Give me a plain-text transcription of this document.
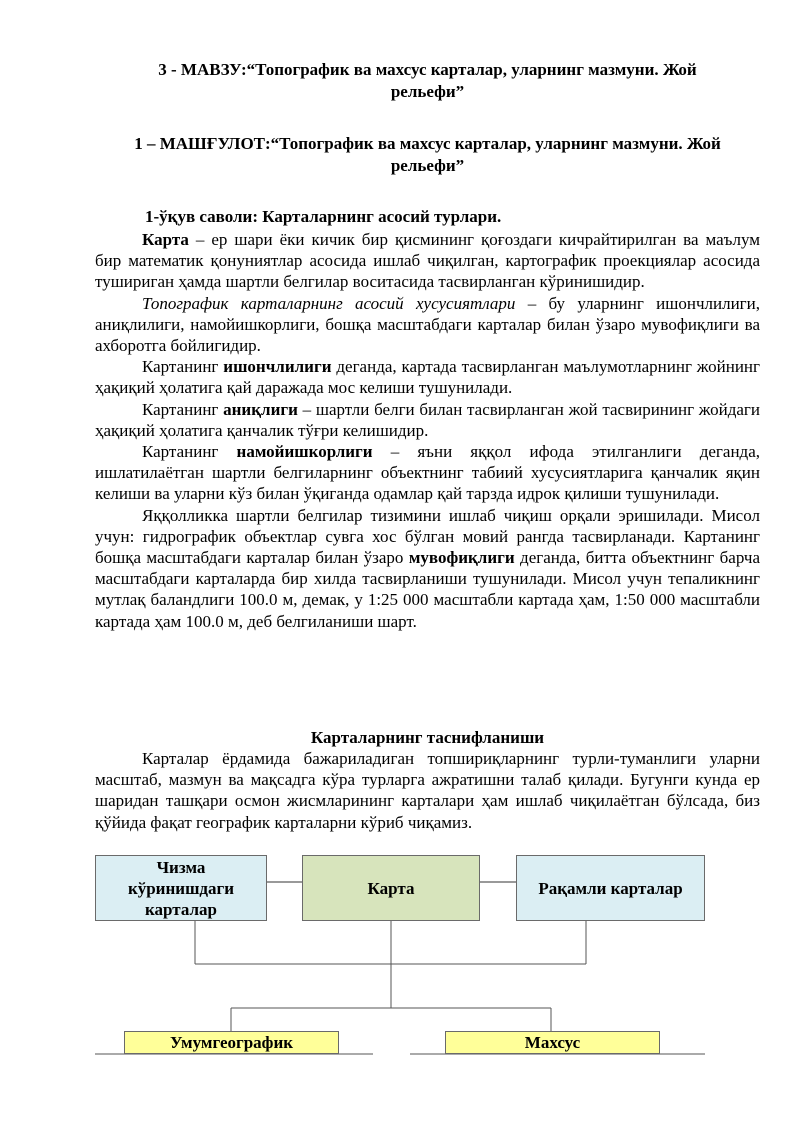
3 - МАВЗУ:“Топографик ва махсус карталар, уларнинг мазмуни. Жой
рельефи”
1 – МАШҒУЛОТ:“Топографик ва махсус карталар, уларнинг мазмуни. Жой
рельефи”
1-ўқув саволи: Карталарнинг асосий турлари.

Карта – ер шари ёки кичик бир қисмининг қоғоздаги кичрайтирилган ва маълум бир математик қонуниятлар асосида ишлаб чиқилган, картографик проекциялар асосида тушириган ҳамда шартли белгилар воситасида тасвирланган кўринишидир.

Топографик карталарнинг асосий хусусиятлари – бу уларнинг ишончлилиги, аниқлилиги, намойишкорлиги, бошқа масштабдаги карталар билан ўзаро мувофиқлиги ва ахборотга бойлигидир.

Картанинг ишончлилиги деганда, картада тасвирланган маълумотларнинг жойнинг ҳақиқий ҳолатига қай даражада мос келиши тушунилади.

Картанинг аниқлиги – шартли белги билан тасвирланган жой тасвирининг жойдаги ҳақиқий ҳолатига қанчалик тўғри келишидир.

Картанинг намойишкорлиги – яъни яққол ифода этилганлиги деганда, ишлатилаётган шартли белгиларнинг объектнинг табиий хусусиятларига қанчалик яқин келиши ва уларни кўз билан ўқиганда одамлар қай тарзда идрок қилиши тушунилади.

Яққолликка шартли белгилар тизимини ишлаб чиқиш орқали эришилади. Мисол учун: гидрографик объектлар сувга хос бўлган мовий рангда тасвирланади. Картанинг бошқа масштабдаги карталар билан ўзаро мувофиқлиги деганда, битта объектнинг барча масштабдаги карталарда бир хилда тасвирланиши тушунилади. Мисол учун тепаликнинг мутлақ баландлиги 100.0 м, демак, у 1:25 000 масштабли картада ҳам, 1:50 000 масштабли картада ҳам 100.0 м, деб белгиланиши шарт.

Карталар ёрдамида бажариладиган топшириқларнинг турли-туманлиги уларни масштаб, мазмун ва мақсадга кўра турларга ажратишни талаб қилади. Бугунги кунда ер шаридан ташқари осмон жисмларининг карталари ҳам ишлаб чиқилаётган бўлсада, биз қўйида фақат географик карталарни кўриб чиқамиз.

Карталарнинг таснифланиши

Чизма
кўринишдаги
карталар
Карта	Рақамли карталар
Умумгеографик	Махсус
